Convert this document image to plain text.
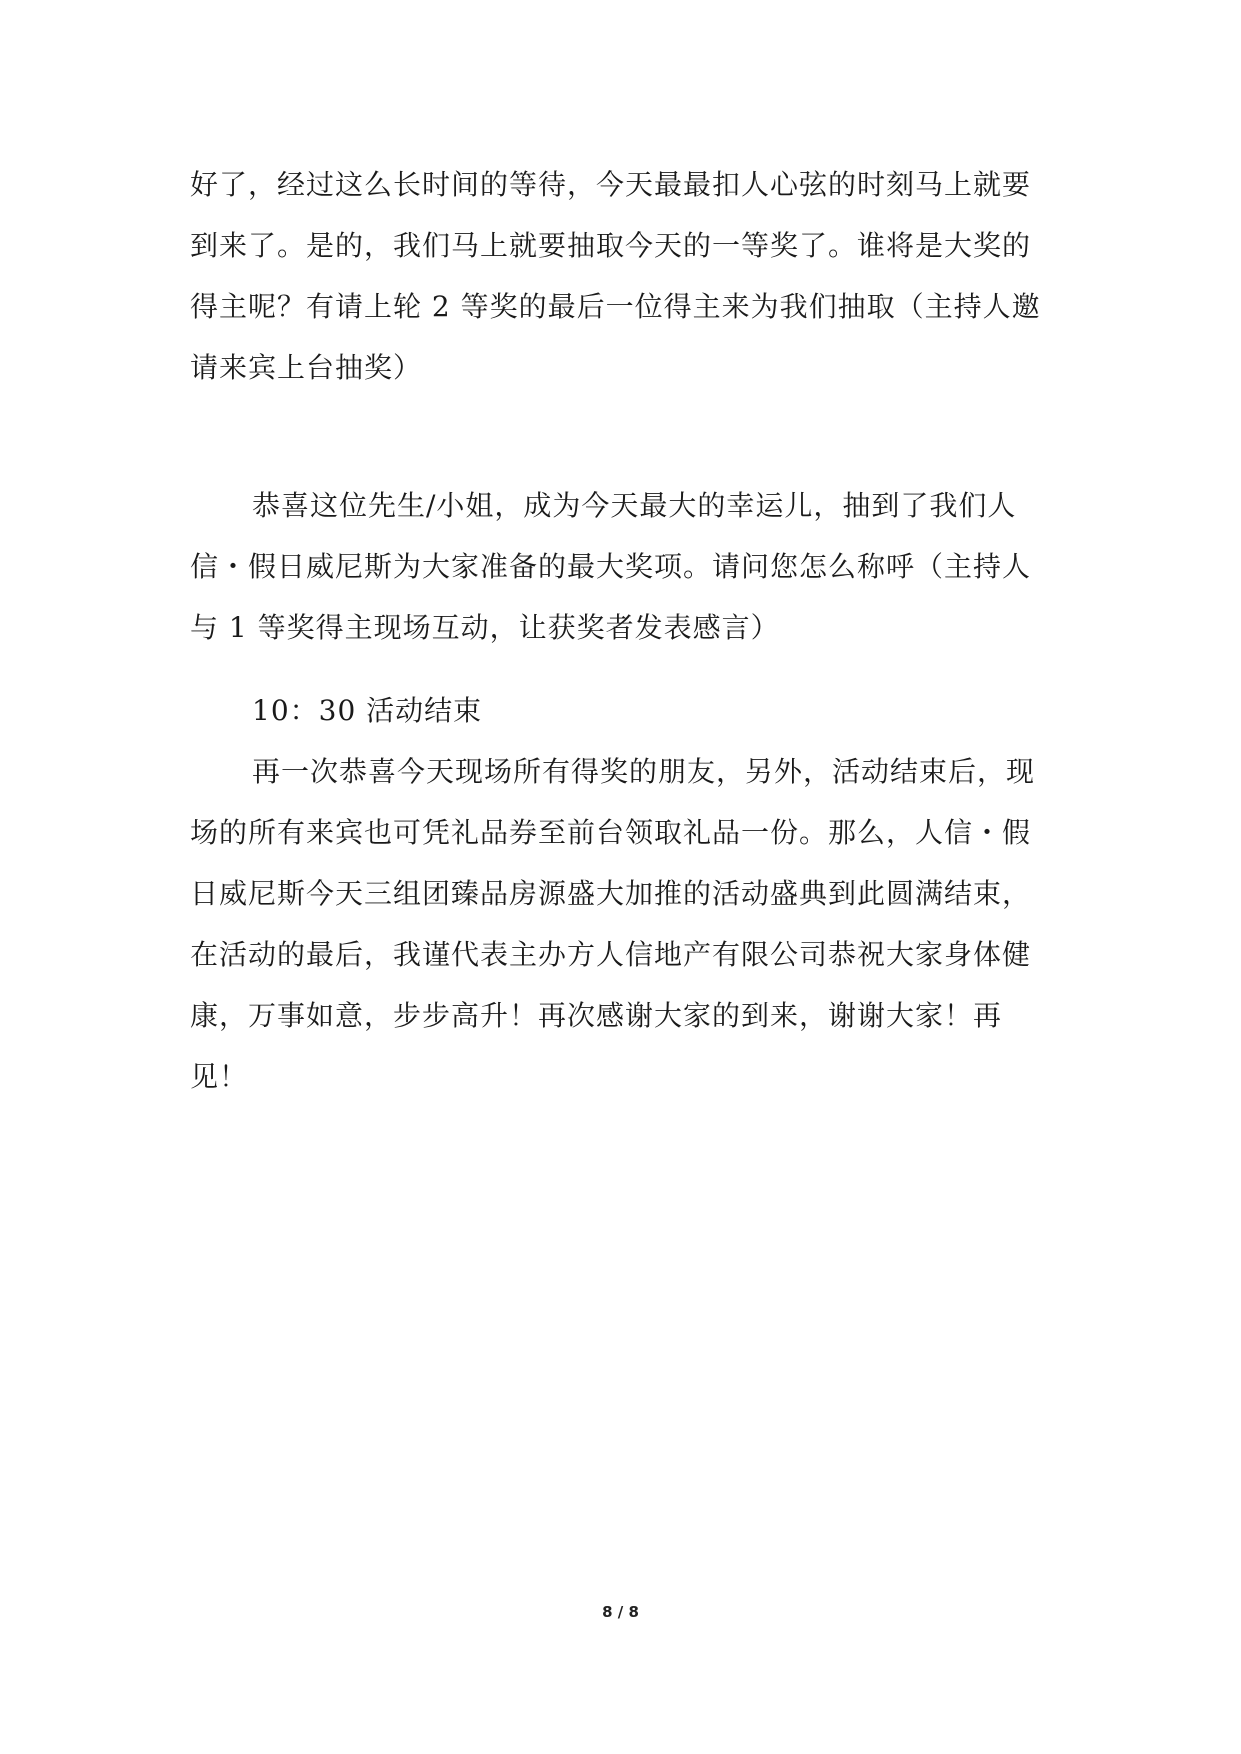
好了，经过这么长时间的等待，今天最最扣人心弦的时刻马上就要到来了。是的，我们马上就要抽取今天的一等奖了。谁将是大奖的得主呢？有请上轮 2 等奖的最后一位得主来为我们抽取（主持人邀请来宾上台抽奖）

恭喜这位先生/小姐，成为今天最大的幸运儿，抽到了我们人信・假日威尼斯为大家准备的最大奖项。请问您怎么称呼（主持人与 1 等奖得主现场互动，让获奖者发表感言）

10：30 活动结束

再一次恭喜今天现场所有得奖的朋友，另外，活动结束后，现场的所有来宾也可凭礼品券至前台领取礼品一份。那么，人信・假日威尼斯今天三组团臻品房源盛大加推的活动盛典到此圆满结束，在活动的最后，我谨代表主办方人信地产有限公司恭祝大家身体健康，万事如意，步步高升！再次感谢大家的到来，谢谢大家！再见！

8 / 8
